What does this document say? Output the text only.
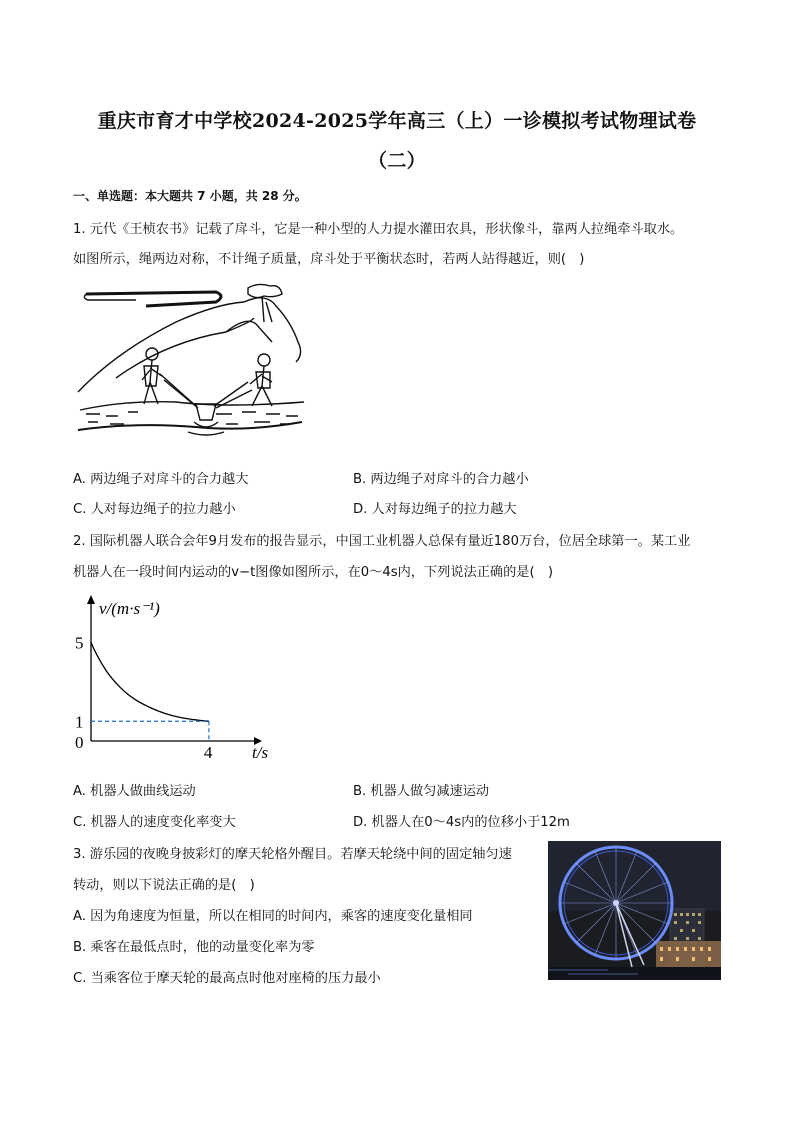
重庆市育才中学校2024-2025学年高三（上）一诊模拟考试物理试卷
（二）
一、单选题：本大题共 7 小题，共 28 分。
1. 元代《王桢农书》记载了戽斗，它是一种小型的人力提水灌田农具，形状像斗，靠两人拉绳牵斗取水。
如图所示，绳两边对称，不计绳子质量，戽斗处于平衡状态时，若两人站得越近，则(　)
A. 两边绳子对戽斗的合力越大	B. 两边绳子对戽斗的合力越小
C. 人对每边绳子的拉力越小	D. 人对每边绳子的拉力越大
2. 国际机器人联合会年9月发布的报告显示，中国工业机器人总保有量近180万台，位居全球第一。某工业
机器人在一段时间内运动的v−t图像如图所示，在0～4s内，下列说法正确的是(　)
v/(m·s⁻¹)
t/s
0
5
1
4
A. 机器人做曲线运动	B. 机器人做匀减速运动
C. 机器人的速度变化率变大	D. 机器人在0～4s内的位移小于12m
3. 游乐园的夜晚身披彩灯的摩天轮格外醒目。若摩天轮绕中间的固定轴匀速
转动，则以下说法正确的是(　)
A. 因为角速度为恒量，所以在相同的时间内，乘客的速度变化量相同
B. 乘客在最低点时，他的动量变化率为零
C. 当乘客位于摩天轮的最高点时他对座椅的压力最小
